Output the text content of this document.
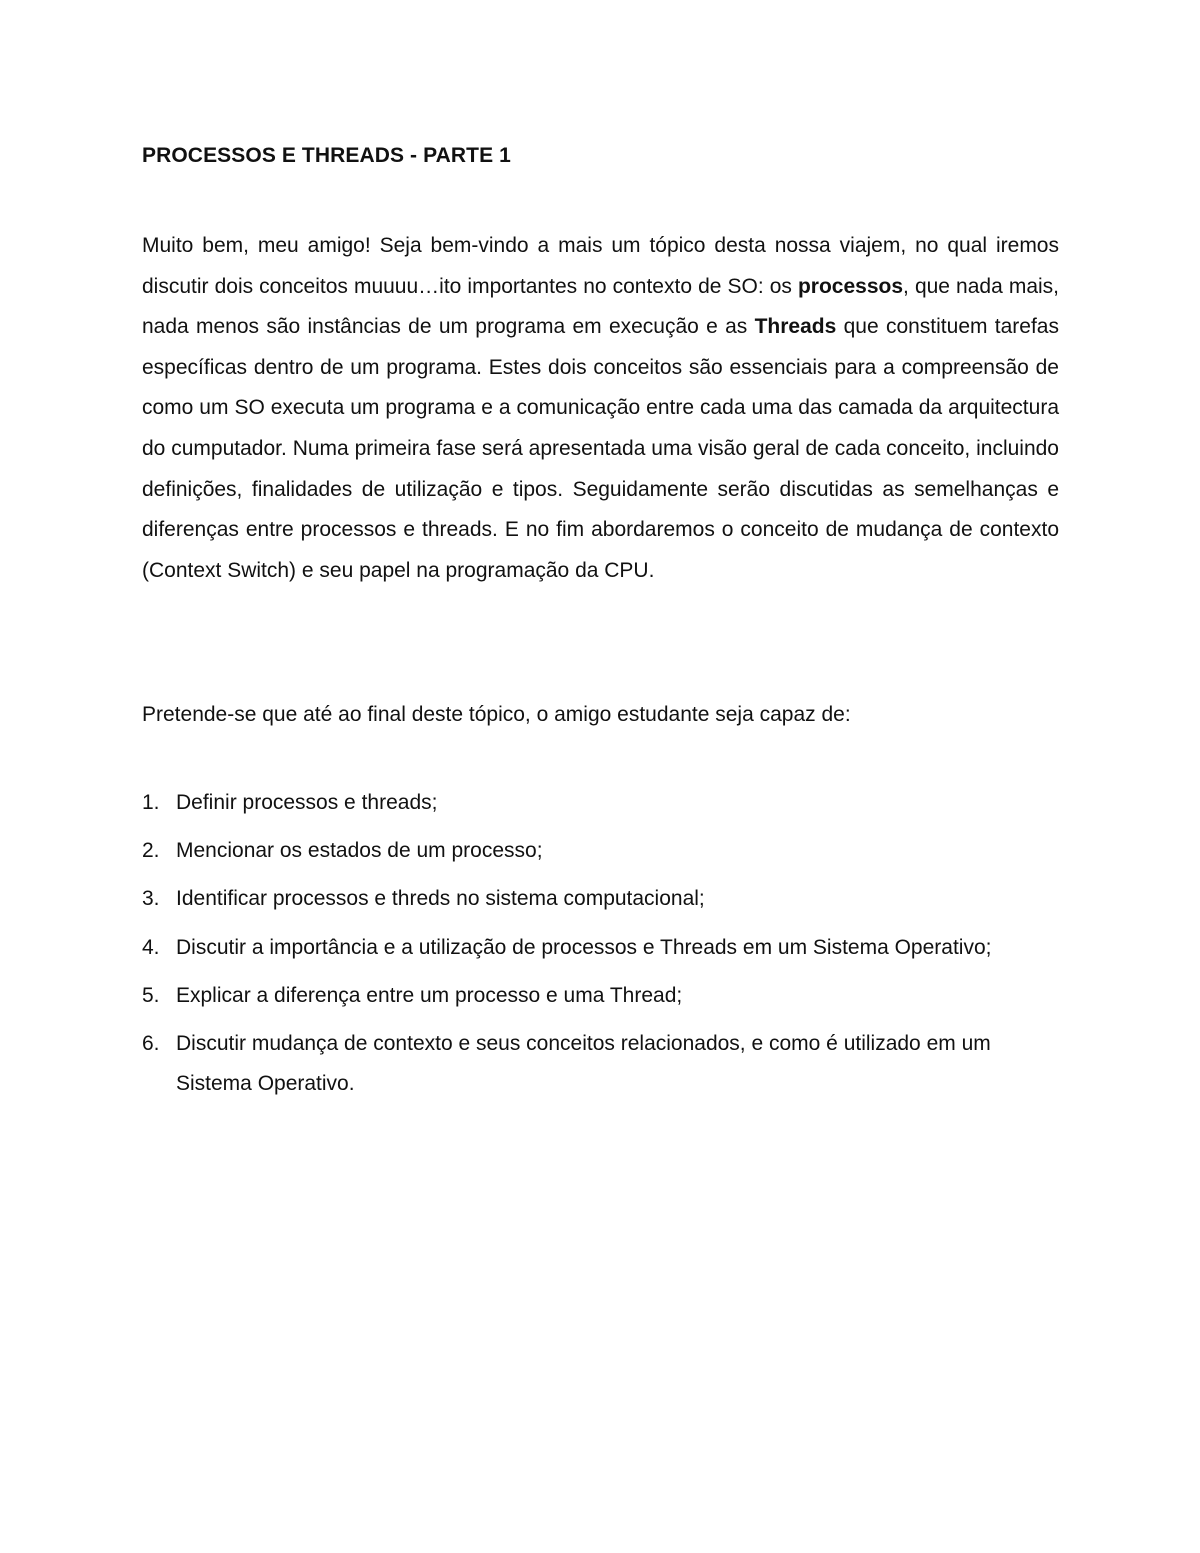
PROCESSOS E THREADS - PARTE 1

Muito bem, meu amigo! Seja bem-vindo a mais um tópico desta nossa viajem, no qual iremos discutir dois conceitos muuuu…ito importantes no contexto de SO: os processos, que nada mais, nada menos são instâncias de um programa em execução e as Threads que constituem tarefas específicas dentro de um programa. Estes dois conceitos são essenciais para a compreensão de como um SO executa um programa e a comunicação entre cada uma das camada da arquitectura do cumputador. Numa primeira fase será apresentada uma visão geral de cada conceito, incluindo definições, finalidades de utilização e tipos. Seguidamente serão discutidas as semelhanças e diferenças entre processos e threads. E no fim abordaremos o conceito de mudança de contexto (Context Switch) e seu papel na programação da CPU.

Pretende-se que até ao final deste tópico, o amigo estudante seja capaz de:

1. Definir processos e threads;
2. Mencionar os estados de um processo;
3. Identificar processos e threds no sistema computacional;
4. Discutir a importância e a utilização de processos e Threads em um Sistema Operativo;
5. Explicar a diferença entre um processo e uma Thread;
6. Discutir mudança de contexto e seus conceitos relacionados, e como é utilizado em um Sistema Operativo.
